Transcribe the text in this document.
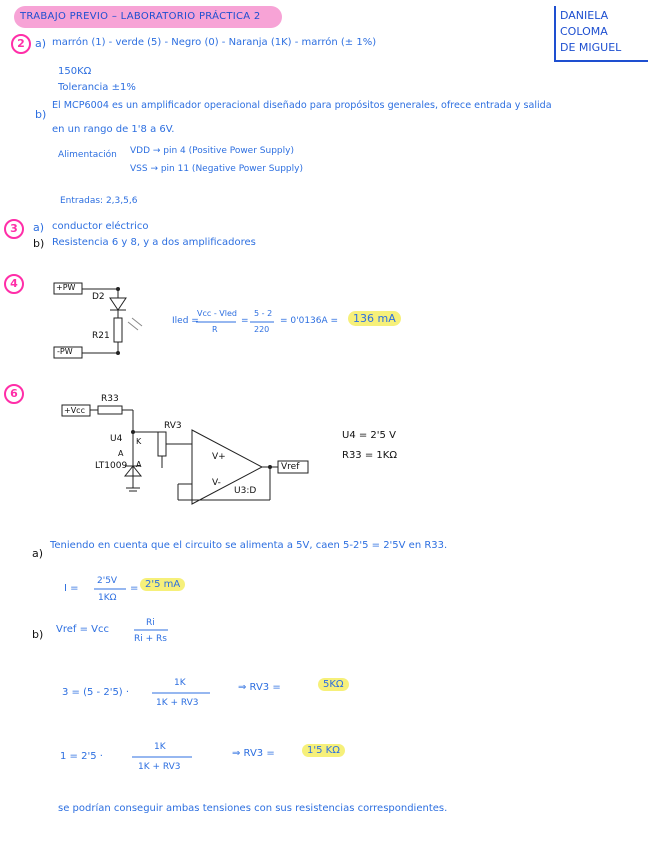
TRABAJO PREVIO – LABORATORIO PRÁCTICA 2	DANIELA
COLOMA
DE MIGUEL
2 a) marrón (1) - verde (5) - Negro (0) - Naranja (1K) - marrón (± 1%)
150KΩ
Tolerancia ±1%
b)
El MCP6004 es un amplificador operacional diseñado para propósitos generales, ofrece entrada y salida
en un rango de 1'8 a 6V.
Alimentación VDD → pin 4 (Positive Power Supply)
VSS → pin 11 (Negative Power Supply)
Entradas: 2,3,5,6
3	a) conductor eléctrico
b) Resistencia 6 y 8, y a dos amplificadores
4	+PW
D2
R21
-PW
Iled =
Vcc - Vled
R
=
5 - 2
220
= 0'0136A =	136 mA
6
+Vcc
R33
RV3
U4 K
A
A
LT1009
V+
V-
U3:D
Vref
U4 = 2'5 V
R33 = 1KΩ
a)
Teniendo en cuenta que el circuito se alimenta a 5V, caen 5-2'5 = 2'5V en R33.
I =
2'5V
1KΩ
= 2'5 mA
b) Vref = Vcc
Ri
Ri + Rs
3 = (5 - 2'5) ·
1K
1K + RV3
⇒ RV3 =	5KΩ
1 = 2'5 ·
1K
1K + RV3
⇒ RV3 =	1'5 KΩ
se podrían conseguir ambas tensiones con sus resistencias correspondientes.
